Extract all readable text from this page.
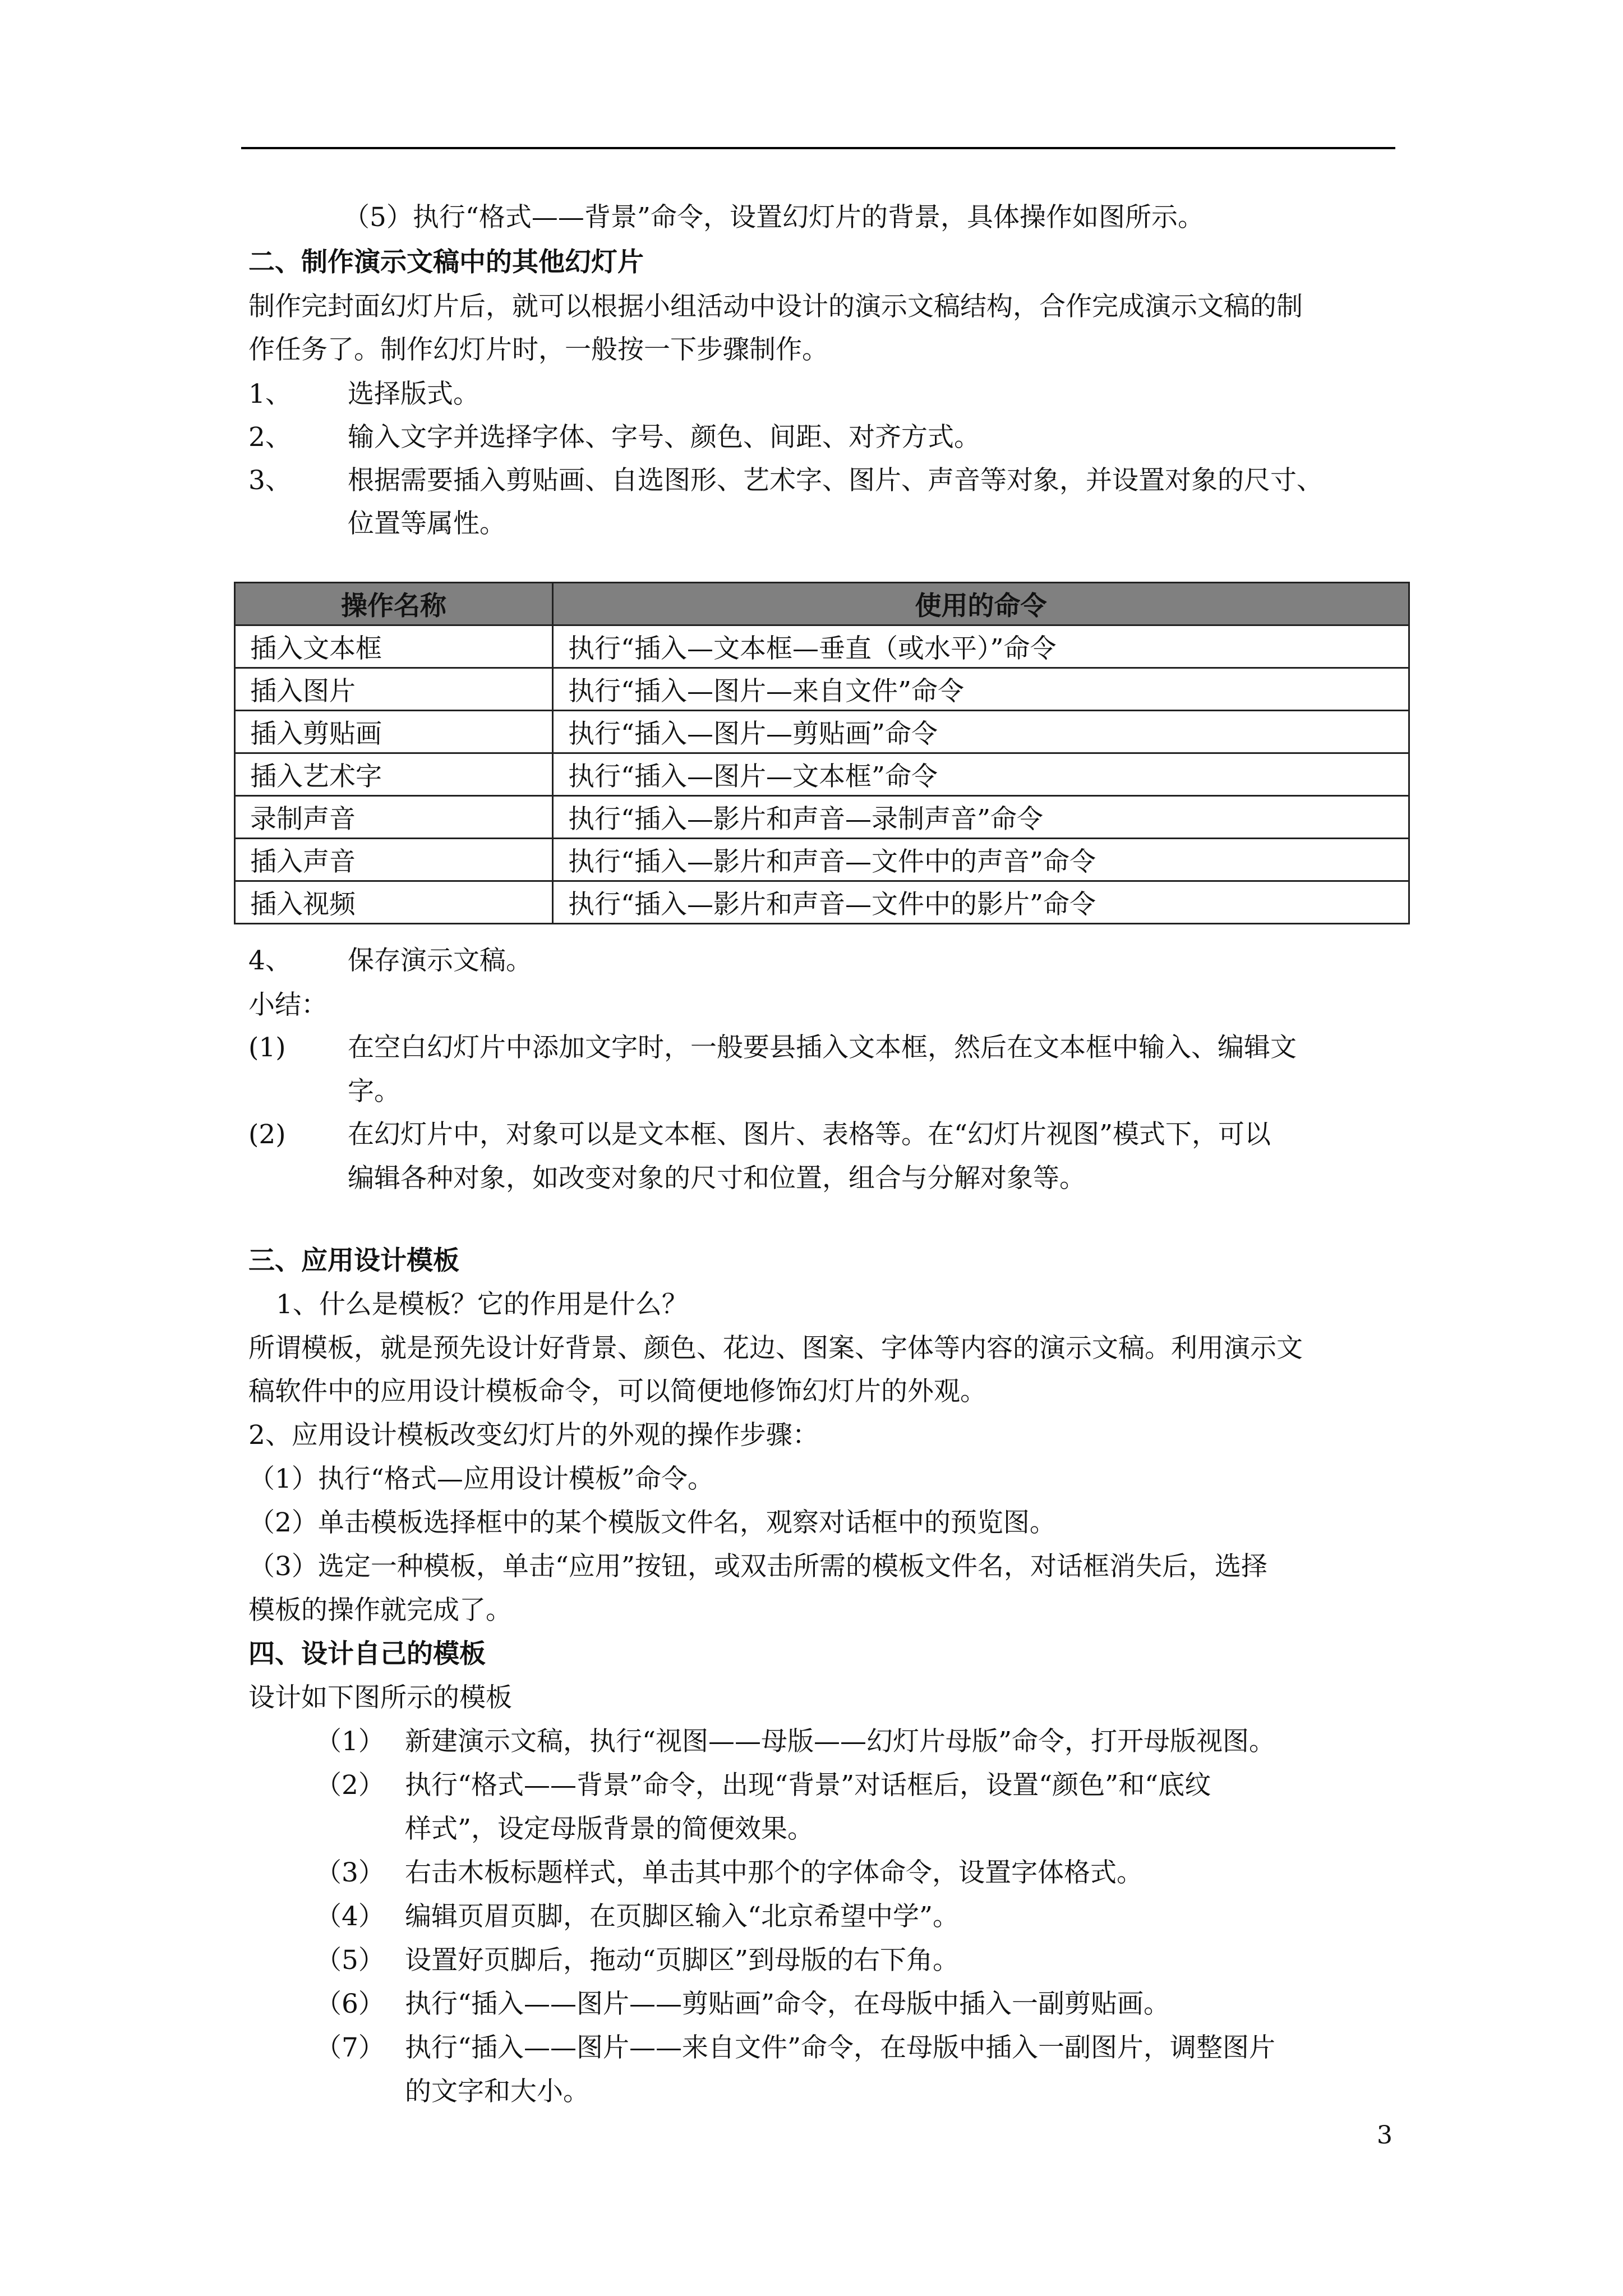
（5）执行“格式——背景”命令，设置幻灯片的背景，具体操作如图所示。
二、制作演示文稿中的其他幻灯片
制作完封面幻灯片后，就可以根据小组活动中设计的演示文稿结构，合作完成演示文稿的制
作任务了。制作幻灯片时，一般按一下步骤制作。
1、 选择版式。
2、 输入文字并选择字体、字号、颜色、间距、对齐方式。
3、 根据需要插入剪贴画、自选图形、艺术字、图片、声音等对象，并设置对象的尺寸、
位置等属性。
操作名称	使用的命令
插入文本框	执行“插入—文本框—垂直（或水平）”命令
插入图片	执行“插入—图片—来自文件”命令
插入剪贴画	执行“插入—图片—剪贴画”命令
插入艺术字	执行“插入—图片—文本框”命令
录制声音	执行“插入—影片和声音—录制声音”命令
插入声音	执行“插入—影片和声音—文件中的声音”命令
插入视频	执行“插入—影片和声音—文件中的影片”命令
4、 保存演示文稿。
小结：
(1) 在空白幻灯片中添加文字时，一般要县插入文本框，然后在文本框中输入、编辑文
字。
(2) 在幻灯片中，对象可以是文本框、图片、表格等。在“幻灯片视图”模式下，可以
编辑各种对象，如改变对象的尺寸和位置，组合与分解对象等。
三、应用设计模板
1、什么是模板？它的作用是什么？
所谓模板，就是预先设计好背景、颜色、花边、图案、字体等内容的演示文稿。利用演示文
稿软件中的应用设计模板命令，可以简便地修饰幻灯片的外观。
2、应用设计模板改变幻灯片的外观的操作步骤：
（1）执行“格式—应用设计模板”命令。
（2）单击模板选择框中的某个模版文件名，观察对话框中的预览图。
（3）选定一种模板，单击“应用”按钮，或双击所需的模板文件名，对话框消失后，选择
模板的操作就完成了。
四、设计自己的模板
设计如下图所示的模板
（1） 新建演示文稿，执行“视图——母版——幻灯片母版”命令，打开母版视图。
（2） 执行“格式——背景”命令，出现“背景”对话框后，设置“颜色”和“底纹
样式”，设定母版背景的简便效果。
（3） 右击木板标题样式，单击其中那个的字体命令，设置字体格式。
（4） 编辑页眉页脚，在页脚区输入“北京希望中学”。
（5） 设置好页脚后，拖动“页脚区”到母版的右下角。
（6） 执行“插入——图片——剪贴画”命令，在母版中插入一副剪贴画。
（7） 执行“插入——图片——来自文件”命令，在母版中插入一副图片，调整图片
的文字和大小。
3
